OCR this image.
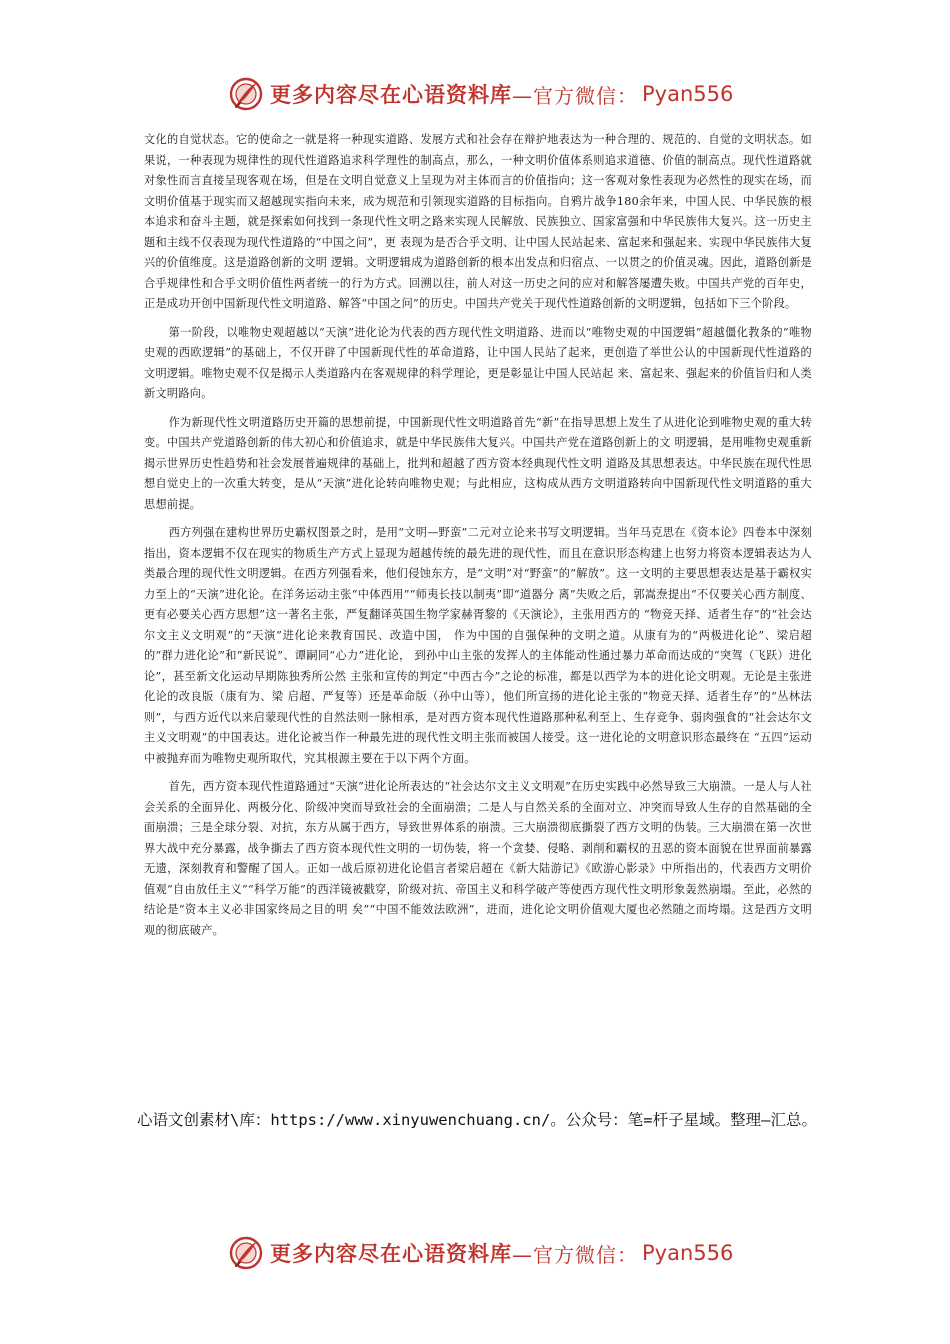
更多内容尽在心语资料库 —官方微信： Pyan556

文化的自觉状态。它的使命之一就是将一种现实道路、发展方式和社会存在辩护地表达为一种合理的、规范的、自觉的文明状态。如果说，一种表现为规律性的现代性道路追求科学理性的制高点，那么，一种文明价值体系则追求道德、价值的制高点。现代性道路就对象性而言直接呈现客观在场，但是在文明自觉意义上呈现为对主体而言的价值指向；这一客观对象性表现为必然性的现实在场，而文明价值基于现实而又超越现实指向未来，成为规范和引领现实道路的目标指向。自鸦片战争180余年来，中国人民、中华民族的根本追求和奋斗主题，就是探索如何找到一条现代性文明之路来实现人民解放、民族独立、国家富强和中华民族伟大复兴。这一历史主题和主线不仅表现为现代性道路的“中国之问”，更 表现为是否合乎文明、让中国人民站起来、富起来和强起来、实现中华民族伟大复兴的价值维度。这是道路创新的文明 逻辑。文明逻辑成为道路创新的根本出发点和归宿点、一以贯之的价值灵魂。因此，道路创新是合乎规律性和合乎文明价值性两者统一的行为方式。回溯以往，前人对这一历史之问的应对和解答屡遭失败。中国共产党的百年史，正是成功开创中国新现代性文明道路、解答“中国之问”的历史。中国共产党关于现代性道路创新的文明逻辑，包括如下三个阶段。

第一阶段，以唯物史观超越以“天演”进化论为代表的西方现代性文明道路、进而以“唯物史观的中国逻辑”超越僵化教条的“唯物史观的西欧逻辑”的基础上，不仅开辟了中国新现代性的革命道路，让中国人民站了起来，更创造了举世公认的中国新现代性道路的文明逻辑。唯物史观不仅是揭示人类道路内在客观规律的科学理论，更是彰显让中国人民站起 来、富起来、强起来的价值旨归和人类新文明路向。

作为新现代性文明道路历史开篇的思想前提，中国新现代性文明道路首先“新”在指导思想上发生了从进化论到唯物史观的重大转变。中国共产党道路创新的伟大初心和价值追求，就是中华民族伟大复兴。中国共产党在道路创新上的文 明逻辑，是用唯物史观重新揭示世界历史性趋势和社会发展普遍规律的基础上，批判和超越了西方资本经典现代性文明 道路及其思想表达。中华民族在现代性思想自觉史上的一次重大转变，是从“天演”进化论转向唯物史观；与此相应，这构成从西方文明道路转向中国新现代性文明道路的重大思想前提。

西方列强在建构世界历史霸权图景之时，是用“文明—野蛮”二元对立论来书写文明逻辑。当年马克思在《资本论》四卷本中深刻指出，资本逻辑不仅在现实的物质生产方式上显现为超越传统的最先进的现代性，而且在意识形态构建上也努力将资本逻辑表达为人类最合理的现代性文明逻辑。在西方列强看来，他们侵蚀东方，是“文明”对“野蛮”的“解放”。这一文明的主要思想表达是基于霸权实力至上的“天演”进化论。在洋务运动主张“中体西用”“师夷长技以制夷”即“道器分 离”失败之后，郭嵩焘提出“不仅要关心西方制度、更有必要关心西方思想”这一著名主张，严复翻译英国生物学家赫胥黎的《天演论》，主张用西方的 “物竞天择、适者生存”的“社会达尔文主义文明观”的“天演”进化论来教育国民、改造中国， 作为中国的自强保种的文明之道。从康有为的“两极进化论”、梁启超的“群力进化论”和“新民说”、谭嗣同“心力”进化论， 到孙中山主张的发挥人的主体能动性通过暴力革命而达成的“突驾（飞跃）进化论”，甚至新文化运动早期陈独秀所公然 主张和宣传的判定“中西古今”之论的标准，都是以西学为本的进化论文明观。无论是主张进化论的改良版（康有为、梁 启超、严复等）还是革命版（孙中山等），他们所宣扬的进化论主张的“物竞天择、适者生存”的“丛林法则”，与西方近代以来启蒙现代性的自然法则一脉相承，是对西方资本现代性道路那种私利至上、生存竞争、弱肉强食的“社会达尔文主义文明观”的中国表达。进化论被当作一种最先进的现代性文明主张而被国人接受。这一进化论的文明意识形态最终在 “五四”运动中被抛弃而为唯物史观所取代，究其根源主要在于以下两个方面。

首先，西方资本现代性道路通过“天演”进化论所表达的“社会达尔文主义文明观”在历史实践中必然导致三大崩溃。一是人与人社会关系的全面异化、两极分化、阶级冲突而导致社会的全面崩溃；二是人与自然关系的全面对立、冲突而导致人生存的自然基础的全面崩溃；三是全球分裂、对抗，东方从属于西方，导致世界体系的崩溃。三大崩溃彻底撕裂了西方文明的伪装。三大崩溃在第一次世界大战中充分暴露，战争撕去了西方资本现代性文明的一切伪装，将一个贪婪、侵略、剥削和霸权的丑恶的资本面貌在世界面前暴露无遗，深刻教育和警醒了国人。正如一战后原初进化论倡言者梁启超在《新大陆游记》《欧游心影录》中所指出的，代表西方文明价值观“自由放任主义”“科学万能”的西洋镜被戳穿，阶级对抗、帝国主义和科学破产等使西方现代性文明形象轰然崩塌。至此，必然的结论是“资本主义必非国家终局之目的明 矣”“中国不能效法欧洲”，进而，进化论文明价值观大厦也必然随之而垮塌。这是西方文明观的彻底破产。

心语文创素材\库：https://www.xinyuwenchuang.cn/。公众号：笔=杆子星域。整理—汇总。
更多内容尽在心语资料库 —官方微信： Pyan556
